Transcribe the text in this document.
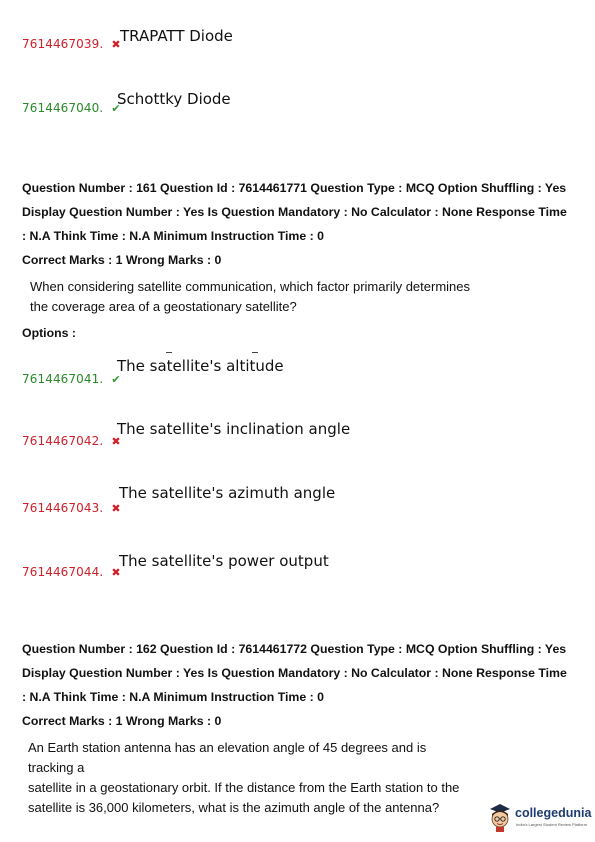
7614467039. ✖ TRAPATT Diode
7614467040. ✔
Schottky Diode
Question Number : 161 Question Id : 7614461771 Question Type : MCQ Option Shuffling : Yes
Display Question Number : Yes Is Question Mandatory : No Calculator : None Response Time
: N.A Think Time : N.A Minimum Instruction Time : 0
Correct Marks : 1 Wrong Marks : 0
When considering satellite communication, which factor primarily determines
the coverage area of a geostationary satellite?
Options :
7614467041. ✔
The satellite's altitude
7614467042. ✖
The satellite's inclination angle
7614467043. ✖
The satellite's azimuth angle
7614467044. ✖
The satellite's power output
Question Number : 162 Question Id : 7614461772 Question Type : MCQ Option Shuffling : Yes
Display Question Number : Yes Is Question Mandatory : No Calculator : None Response Time
: N.A Think Time : N.A Minimum Instruction Time : 0
Correct Marks : 1 Wrong Marks : 0
An Earth station antenna has an elevation angle of 45 degrees and is tracking a
satellite in a geostationary orbit. If the distance from the Earth station to the
satellite is 36,000 kilometers, what is the azimuth angle of the antenna?	collegedunia
India's Largest Student Review Platform
